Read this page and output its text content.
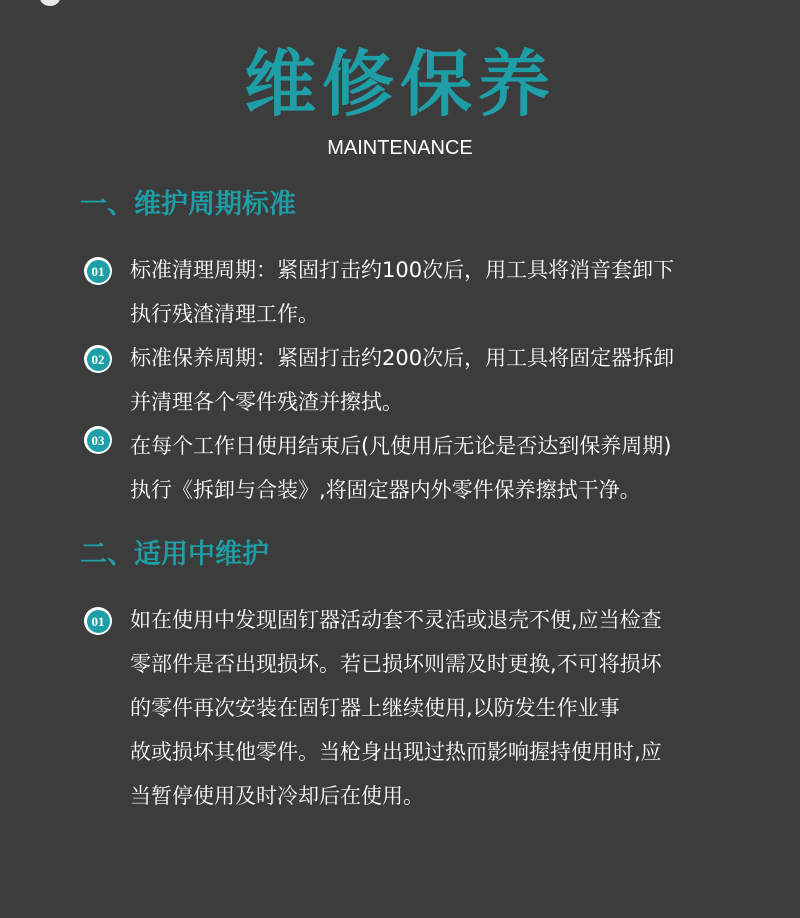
维修保养
MAINTENANCE
一、维护周期标准
01 标准清理周期：紧固打击约100次后，用工具将消音套卸下
执行残渣清理工作。
02 标准保养周期：紧固打击约200次后，用工具将固定器拆卸
并清理各个零件残渣并擦拭。
03 在每个工作日使用结束后(凡使用后无论是否达到保养周期)
执行《拆卸与合装》,将固定器内外零件保养擦拭干净。
二、适用中维护
01 如在使用中发现固钉器活动套不灵活或退壳不便,应当检查
零部件是否出现损坏。若已损坏则需及时更换,不可将损坏
的零件再次安装在固钉器上继续使用,以防发生作业事
故或损坏其他零件。当枪身出现过热而影响握持使用时,应
当暂停使用及时冷却后在使用。
